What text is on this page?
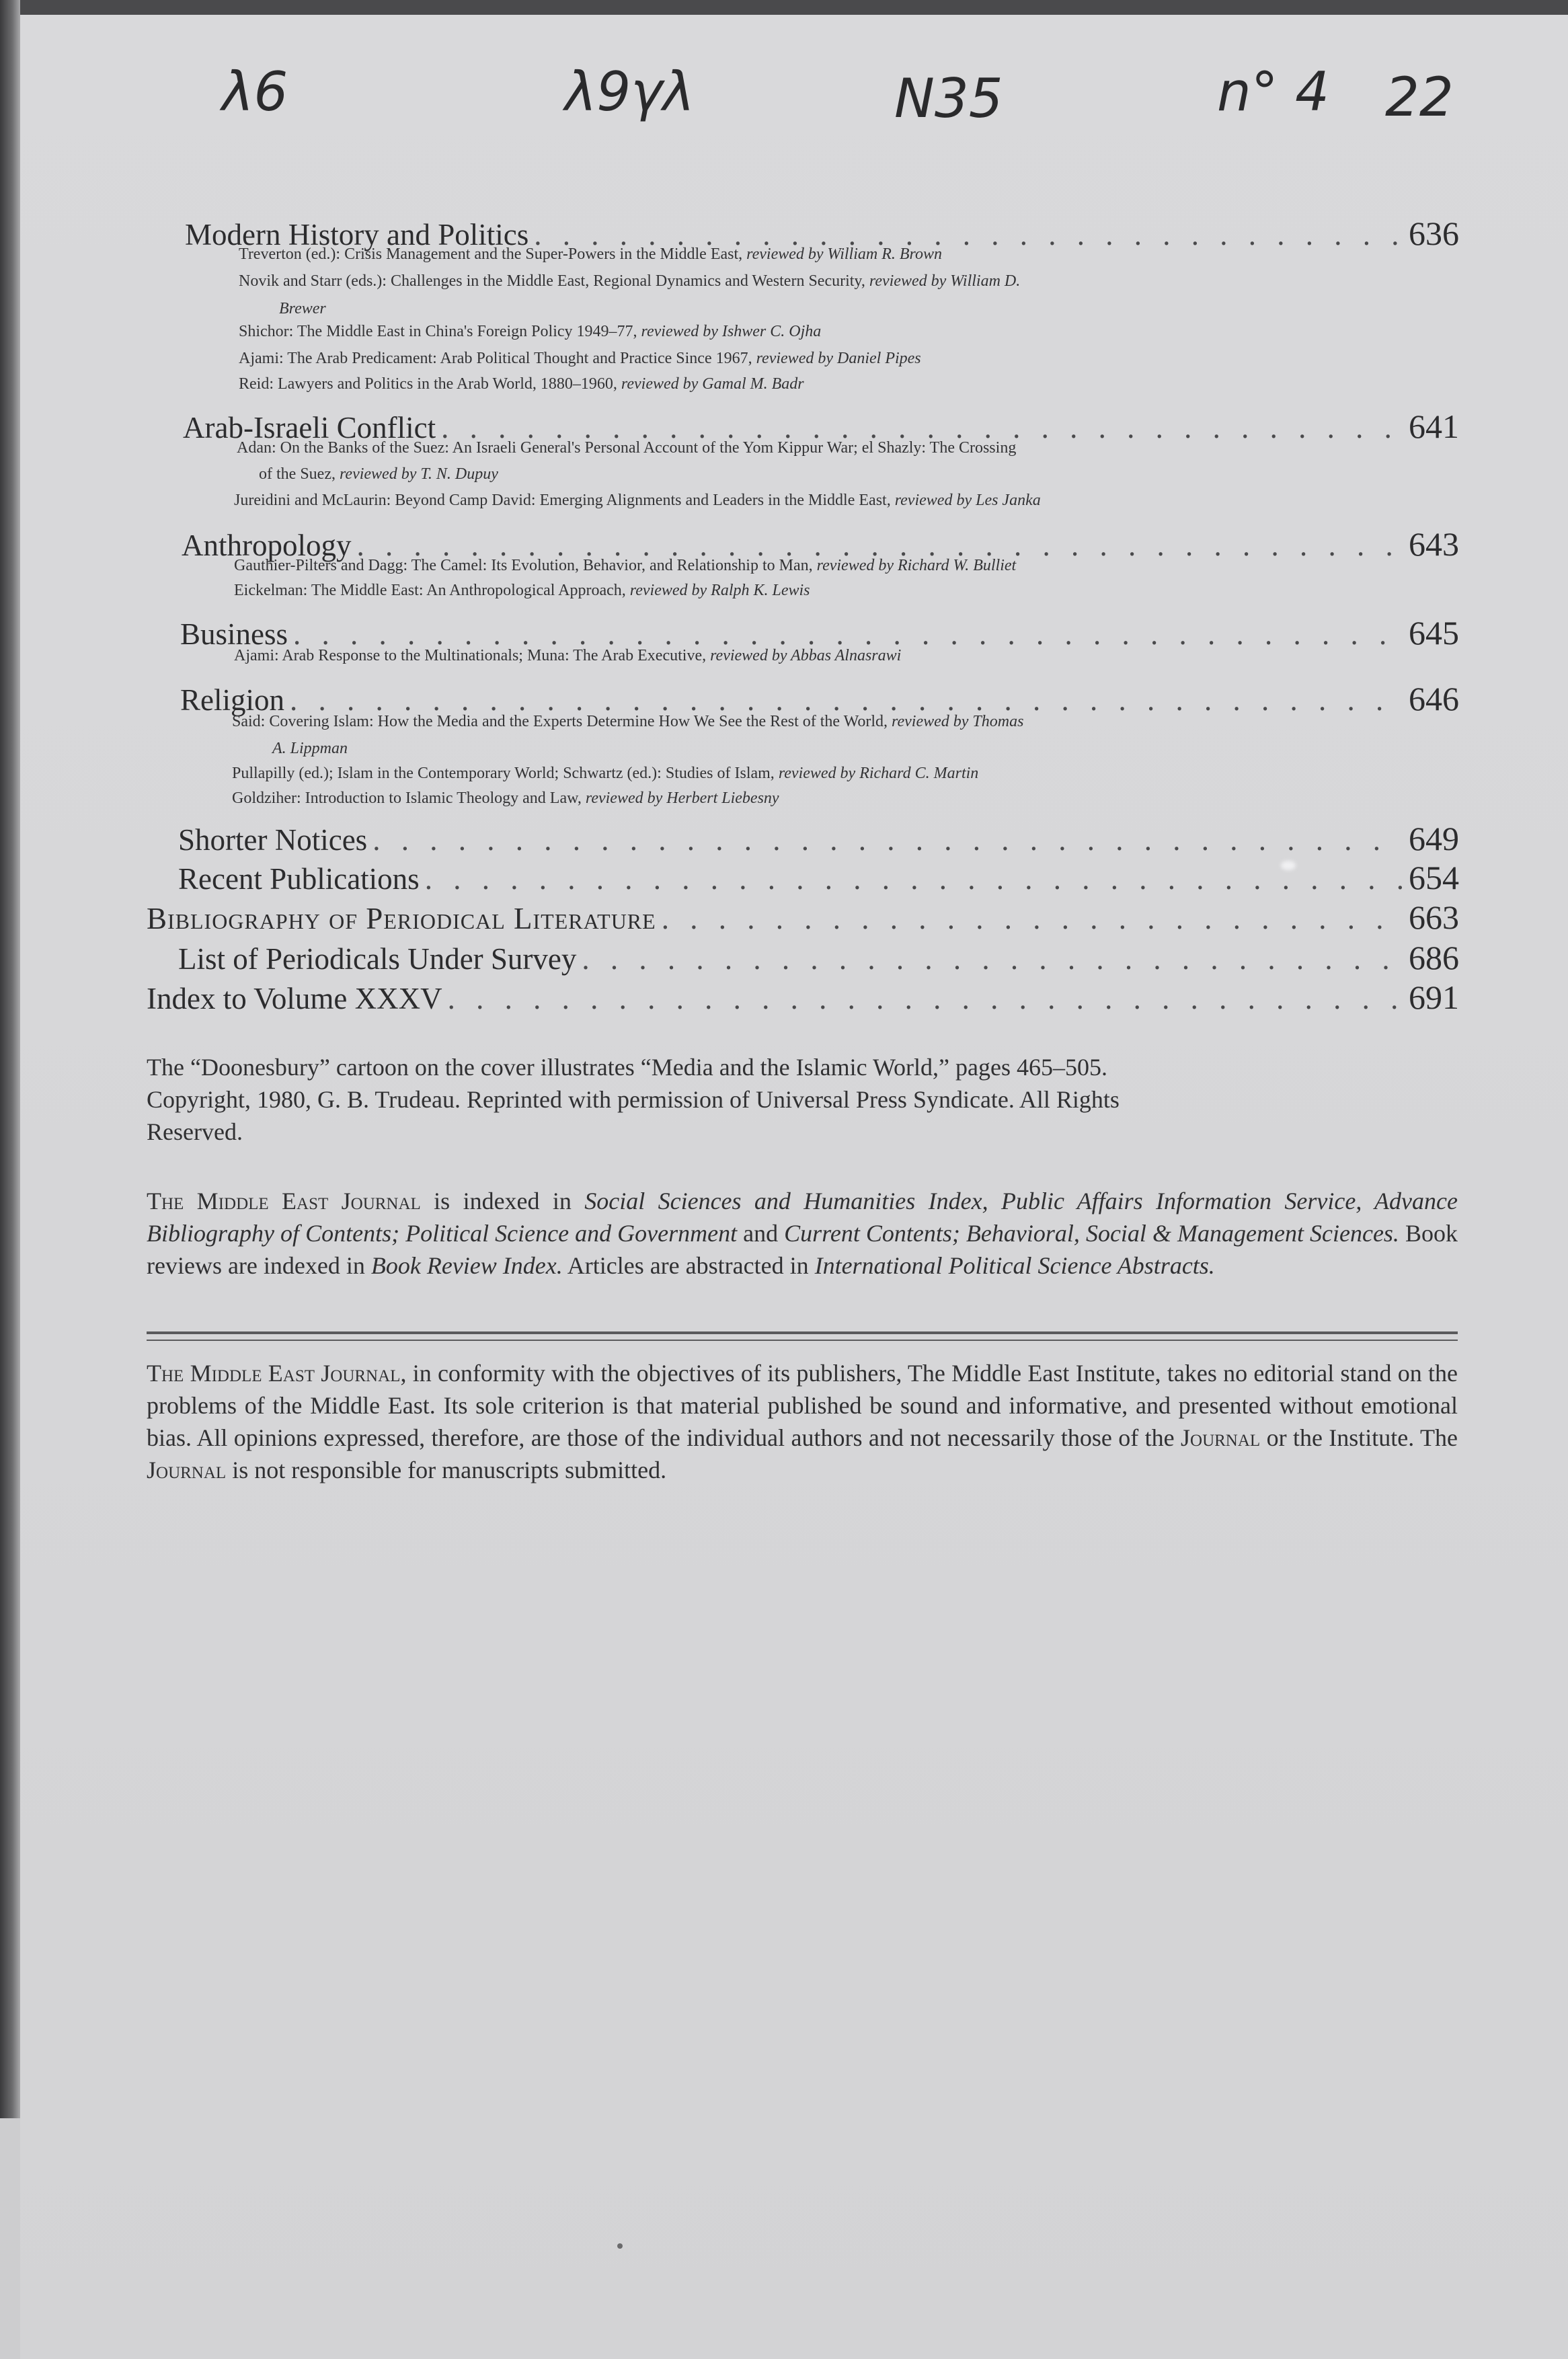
λ6	λ9γλ	N35	n° 4 22
Modern History and Politics . . .	636
Treverton (ed.): Crisis Management and the Super-Powers in the Middle East, reviewed by William R. Brown
Novik and Starr (eds.): Challenges in the Middle East, Regional Dynamics and Western Security, reviewed by William D.
Brewer
Shichor: The Middle East in China's Foreign Policy 1949–77, reviewed by Ishwer C. Ojha
Ajami: The Arab Predicament: Arab Political Thought and Practice Since 1967, reviewed by Daniel Pipes
Reid: Lawyers and Politics in the Arab World, 1880–1960, reviewed by Gamal M. Badr
Arab-Israeli Conflict . . .	641
Adan: On the Banks of the Suez: An Israeli General's Personal Account of the Yom Kippur War; el Shazly: The Crossing
of the Suez, reviewed by T. N. Dupuy
Jureidini and McLaurin: Beyond Camp David: Emerging Alignments and Leaders in the Middle East, reviewed by Les Janka
Anthropology . . .	643
Gauthier-Pilters and Dagg: The Camel: Its Evolution, Behavior, and Relationship to Man, reviewed by Richard W. Bulliet
Eickelman: The Middle East: An Anthropological Approach, reviewed by Ralph K. Lewis
Business . . .	645
Ajami: Arab Response to the Multinationals; Muna: The Arab Executive, reviewed by Abbas Alnasrawi
Religion . . .	646
Said: Covering Islam: How the Media and the Experts Determine How We See the Rest of the World, reviewed by Thomas
A. Lippman
Pullapilly (ed.); Islam in the Contemporary World; Schwartz (ed.): Studies of Islam, reviewed by Richard C. Martin
Goldziher: Introduction to Islamic Theology and Law, reviewed by Herbert Liebesny
Shorter Notices . . .	649
Recent Publications . . .	654
Bibliography of Periodical Literature . . .	663
List of Periodicals Under Survey . . .	686
Index to Volume XXXV . . .	691
The “Doonesbury” cartoon on the cover illustrates “Media and the Islamic World,” pages 465–505.
Copyright, 1980, G. B. Trudeau. Reprinted with permission of Universal Press Syndicate. All Rights
Reserved.
The Middle East Journal is indexed in Social Sciences and Humanities Index, Public Affairs Information Service, Advance Bibliography of Contents; Political Science and Government and Current Contents; Behavioral, Social & Management Sciences. Book reviews are indexed in Book Review Index. Articles are abstracted in International Political Science Abstracts.
The Middle East Journal, in conformity with the objectives of its publishers, The Middle East Institute, takes no editorial stand on the problems of the Middle East. Its sole criterion is that material published be sound and informative, and presented without emotional bias. All opinions expressed, therefore, are those of the individual authors and not necessarily those of the Journal or the Institute. The Journal is not responsible for manuscripts submitted.
